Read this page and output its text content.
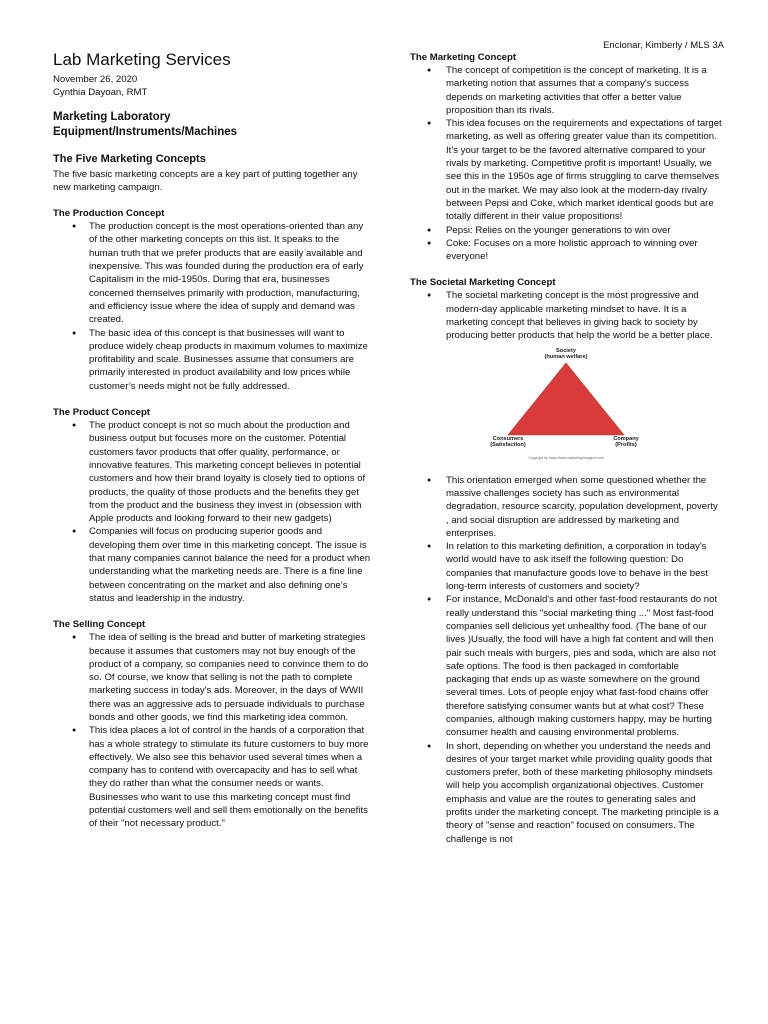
Enclonar, Kimberly / MLS 3A
Lab Marketing Services

November 26, 2020

Cynthia Dayoan, RMT

Marketing Laboratory
Equipment/Instruments/Machines
The Five Marketing Concepts

The five basic marketing concepts are a key part of putting together any new marketing campaign.

The Production Concept
● The production concept is the most operations-oriented than any of the other marketing concepts on this list. It speaks to the human truth that we prefer products that are easily available and inexpensive. This was founded during the production era of early Capitalism in the mid-1950s. During that era, businesses concerned themselves primarily with production, manufacturing, and efficiency issue where the idea of supply and demand was created.
● The basic idea of this concept is that businesses will want to produce widely cheap products in maximum volumes to maximize profitability and scale. Businesses assume that consumers are primarily interested in product availability and low prices while customer’s needs might not be fully addressed.
The Product Concept
● The product concept is not so much about the production and business output but focuses more on the customer. Potential customers favor products that offer quality, performance, or innovative features. This marketing concept believes in potential customers and how their brand loyalty is closely tied to options of products, the quality of those products and the benefits they get from the product and the business they invest in (obsession with Apple products and looking forward to their new gadgets)
● Companies will focus on producing superior goods and developing them over time in this marketing concept. The issue is that many companies cannot balance the need for a product when understanding what the marketing needs are. There is a fine line between concentrating on the market and also defining one’s status and leadership in the industry.
The Selling Concept
● The idea of selling is the bread and butter of marketing strategies because it assumes that customers may not buy enough of the product of a company, so companies need to convince them to do so. Of course, we know that selling is not the path to complete marketing success in today's ads. Moreover, in the days of WWII there was an aggressive ads to persuade individuals to purchase bonds and other goods, we find this marketing idea common.
● This idea places a lot of control in the hands of a corporation that has a whole strategy to stimulate its future customers to buy more effectively. We also see this behavior used several times when a company has to contend with overcapacity and has to sell what they do rather than what the consumer needs or wants. Businesses who want to use this marketing concept must find potential customers well and sell them emotionally on the benefits of their "not necessary product."
The Marketing Concept
● The concept of competition is the concept of marketing. It is a marketing notion that assumes that a company's success depends on marketing activities that offer a better value proposition than its rivals.
● This idea focuses on the requirements and expectations of target marketing, as well as offering greater value than its competition. It's your target to be the favored alternative compared to your rivals by marketing. Competitive profit is important! Usually, we see this in the 1950s age of firms struggling to carve themselves out in the market. We may also look at the modern-day rivalry between Pepsi and Coke, which market identical goods but are totally different in their value propositions!
● Pepsi: Relies on the younger generations to win over
● Coke: Focuses on a more holistic approach to winning over everyone!
The Societal Marketing Concept
● The societal marketing concept is the most progressive and modern-day applicable marketing mindset to have. It is a marketing concept that believes in giving back to society by producing better products that help the world be a better place.
Society
(human welfare)
Consumers
(Satisfaction)
Company
(Profits)
Copyright by: https://www.marketing.blogspot.com
● This orientation emerged when some questioned whether the massive challenges society has such as environmental degradation, resource scarcity, population development, poverty , and social disruption are addressed by marketing and enterprises.
● In relation to this marketing definition, a corporation in today's world would have to ask itself the following question: Do companies that manufacture goods love to behave in the best long-term interests of customers and society?
● For instance, McDonald's and other fast-food restaurants do not really understand this "social marketing thing ..." Most fast-food companies sell delicious yet unhealthy food. (The bane of our lives )Usually, the food will have a high fat content and will then pair such meals with burgers, pies and soda, which are also not safe options. The food is then packaged in comfortable packaging that ends up as waste somewhere on the ground several times. Lots of people enjoy what fast-food chains offer therefore satisfying consumer wants but at what cost? These companies, although making customers happy, may be hurting consumer health and causing environmental problems.
● In short, depending on whether you understand the needs and desires of your target market while providing quality goods that customers prefer, both of these marketing philosophy mindsets will help you accomplish organizational objectives. Customer emphasis and value are the routes to generating sales and profits under the marketing concept. The marketing principle is a theory of "sense and reaction" focused on consumers. The challenge is not
